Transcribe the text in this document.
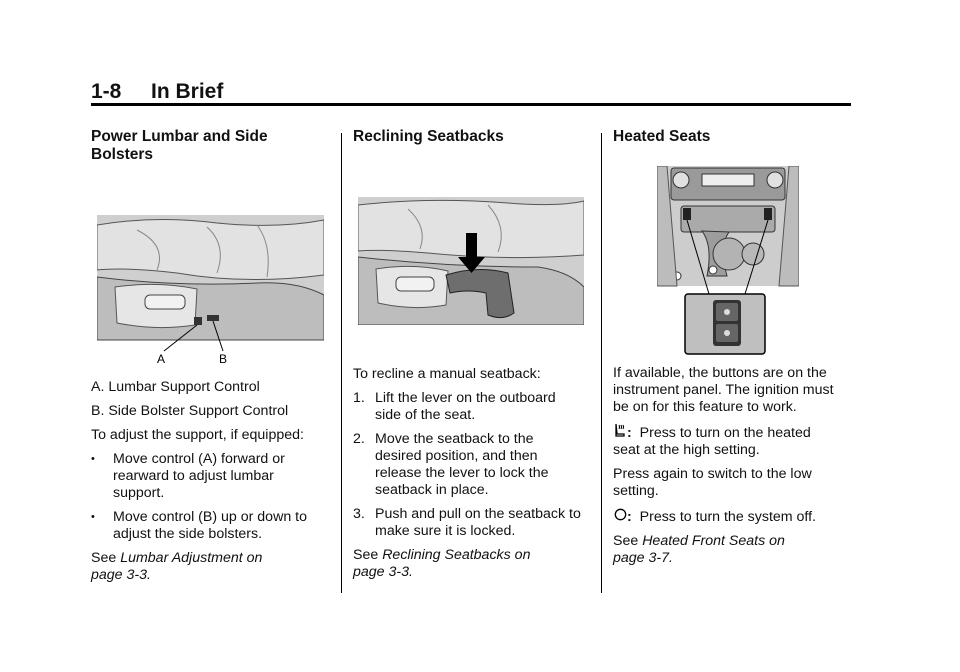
1-8 In Brief
Power Lumbar and Side
Bolsters
A	B

A. Lumbar Support Control

B. Side Bolster Support Control

To adjust the support, if equipped:

• Move control (A) forward or
rearward to adjust lumbar
support.
• Move control (B) up or down to
adjust the side bolsters.

See Lumbar Adjustment on
page 3-3.

Reclining Seatbacks

To recline a manual seatback:

1. Lift the lever on the outboard
side of the seat.
2. Move the seatback to the
desired position, and then
release the lever to lock the
seatback in place.
3. Push and pull on the seatback to
make sure it is locked.

See Reclining Seatbacks on
page 3-3.

Heated Seats

If available, the buttons are on the
instrument panel. The ignition must
be on for this feature to work.

: Press to turn on the heated
seat at the high setting.

Press again to switch to the low
setting.

: Press to turn the system off.

See Heated Front Seats on
page 3-7.
